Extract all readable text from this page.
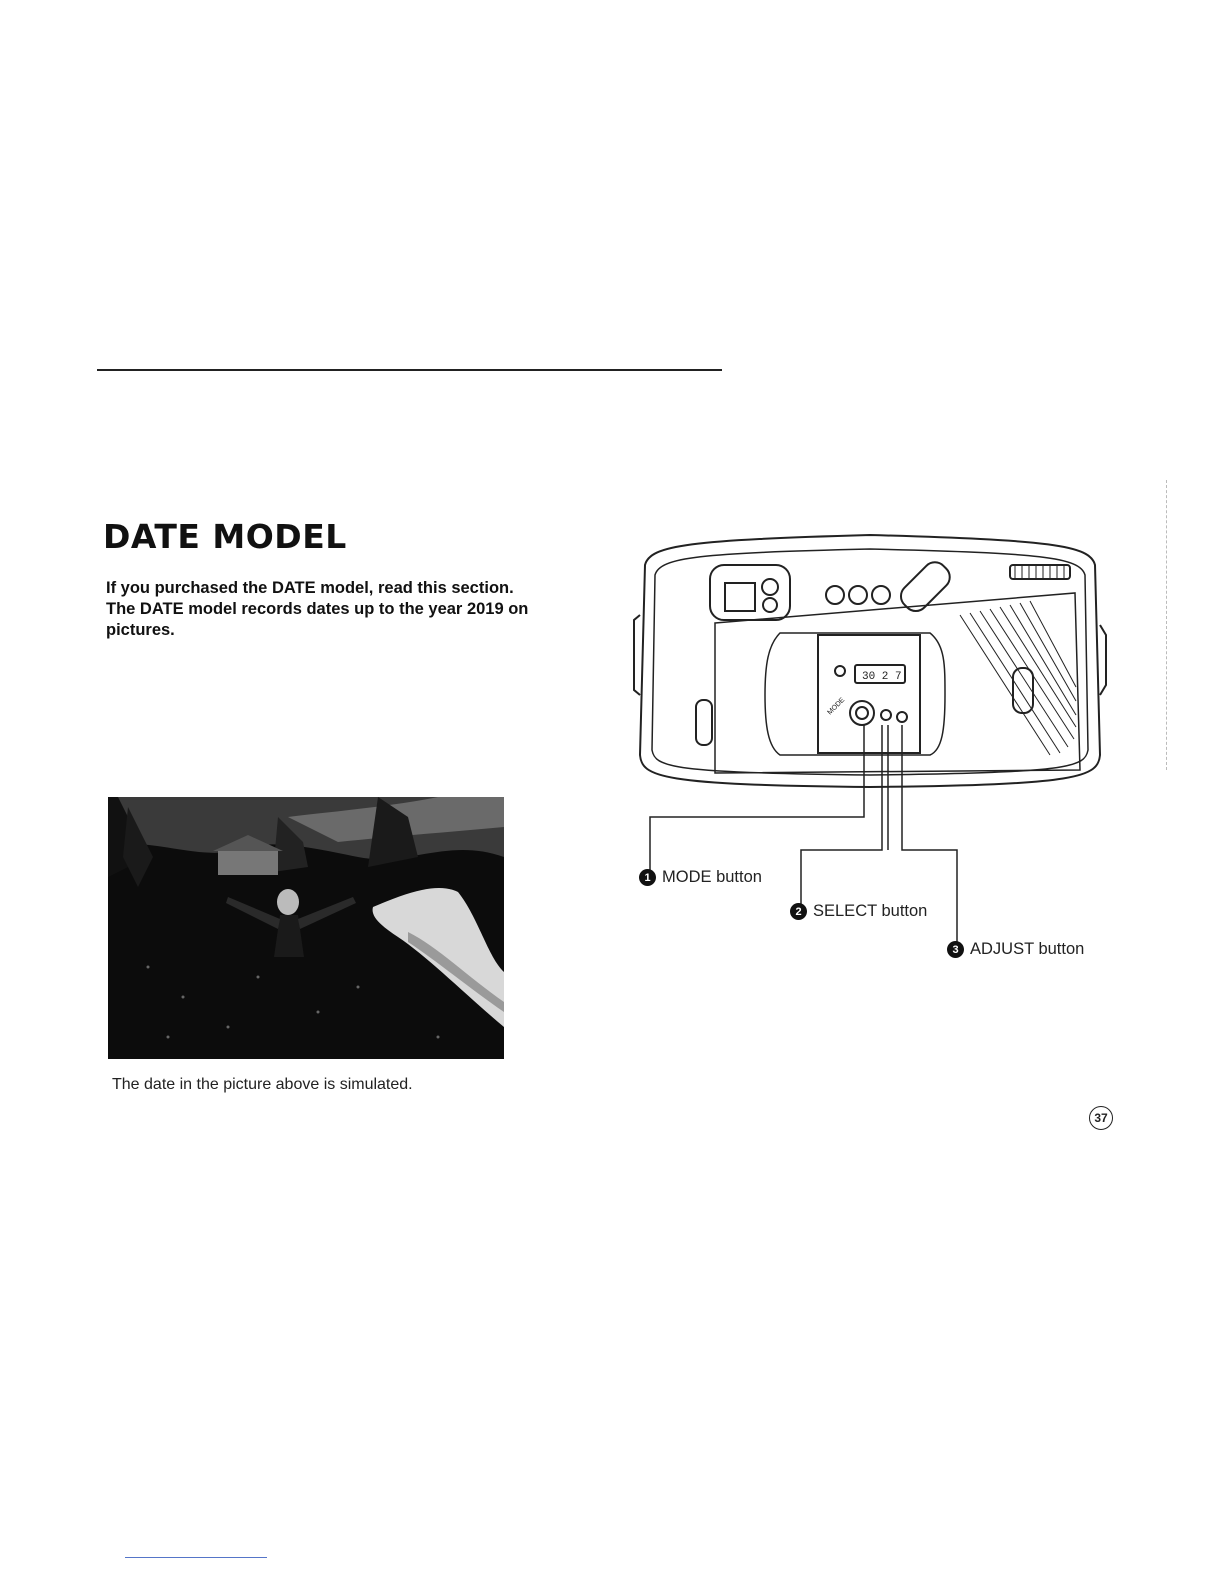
DATE MODEL

If you purchased the DATE model, read this section.

The DATE model records dates up to the year 2019 on pictures.

The date in the picture above is simulated.
30 2 7
MODE
1 MODE button
2 SELECT button
3 ADJUST button
37
